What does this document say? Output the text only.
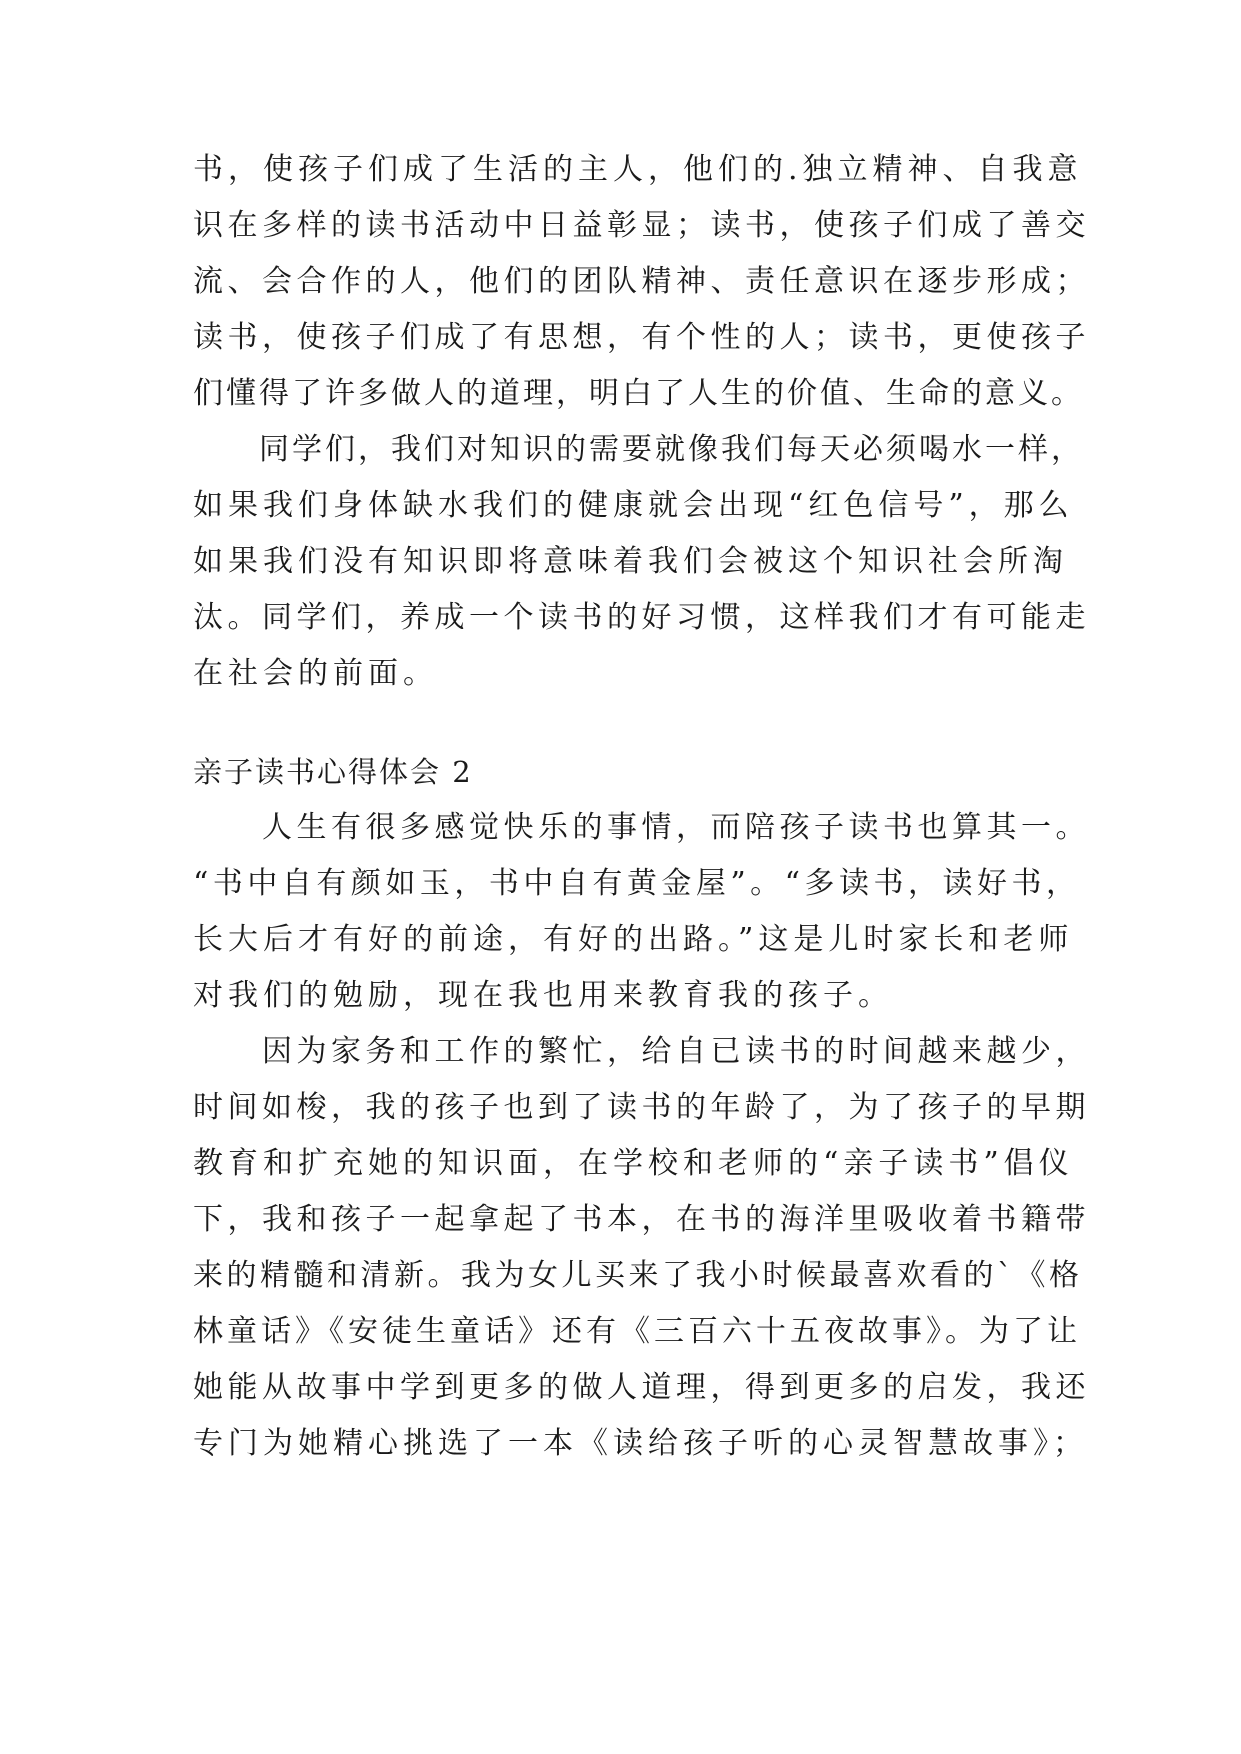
书，使孩子们成了生活的主人，他们的.独立精神、自我意
识在多样的读书活动中日益彰显；读书，使孩子们成了善交
流、会合作的人，他们的团队精神、责任意识在逐步形成；
读书，使孩子们成了有思想，有个性的人；读书，更使孩子
们懂得了许多做人的道理，明白了人生的价值、生命的意义。
　　同学们，我们对知识的需要就像我们每天必须喝水一样，
如果我们身体缺水我们的健康就会出现“红色信号”，那么
如果我们没有知识即将意味着我们会被这个知识社会所淘
汰。同学们，养成一个读书的好习惯，这样我们才有可能走
在社会的前面。
亲子读书心得体会 2
　　人生有很多感觉快乐的事情，而陪孩子读书也算其一。
“书中自有颜如玉，书中自有黄金屋”。“多读书，读好书，
长大后才有好的前途，有好的出路。”这是儿时家长和老师
对我们的勉励，现在我也用来教育我的孩子。
　　因为家务和工作的繁忙，给自已读书的时间越来越少，
时间如梭，我的孩子也到了读书的年龄了，为了孩子的早期
教育和扩充她的知识面，在学校和老师的“亲子读书”倡仪
下，我和孩子一起拿起了书本，在书的海洋里吸收着书籍带
来的精髓和清新。我为女儿买来了我小时候最喜欢看的`《格
林童话》《安徒生童话》还有《三百六十五夜故事》。为了让
她能从故事中学到更多的做人道理，得到更多的启发，我还
专门为她精心挑选了一本《读给孩子听的心灵智慧故事》；
